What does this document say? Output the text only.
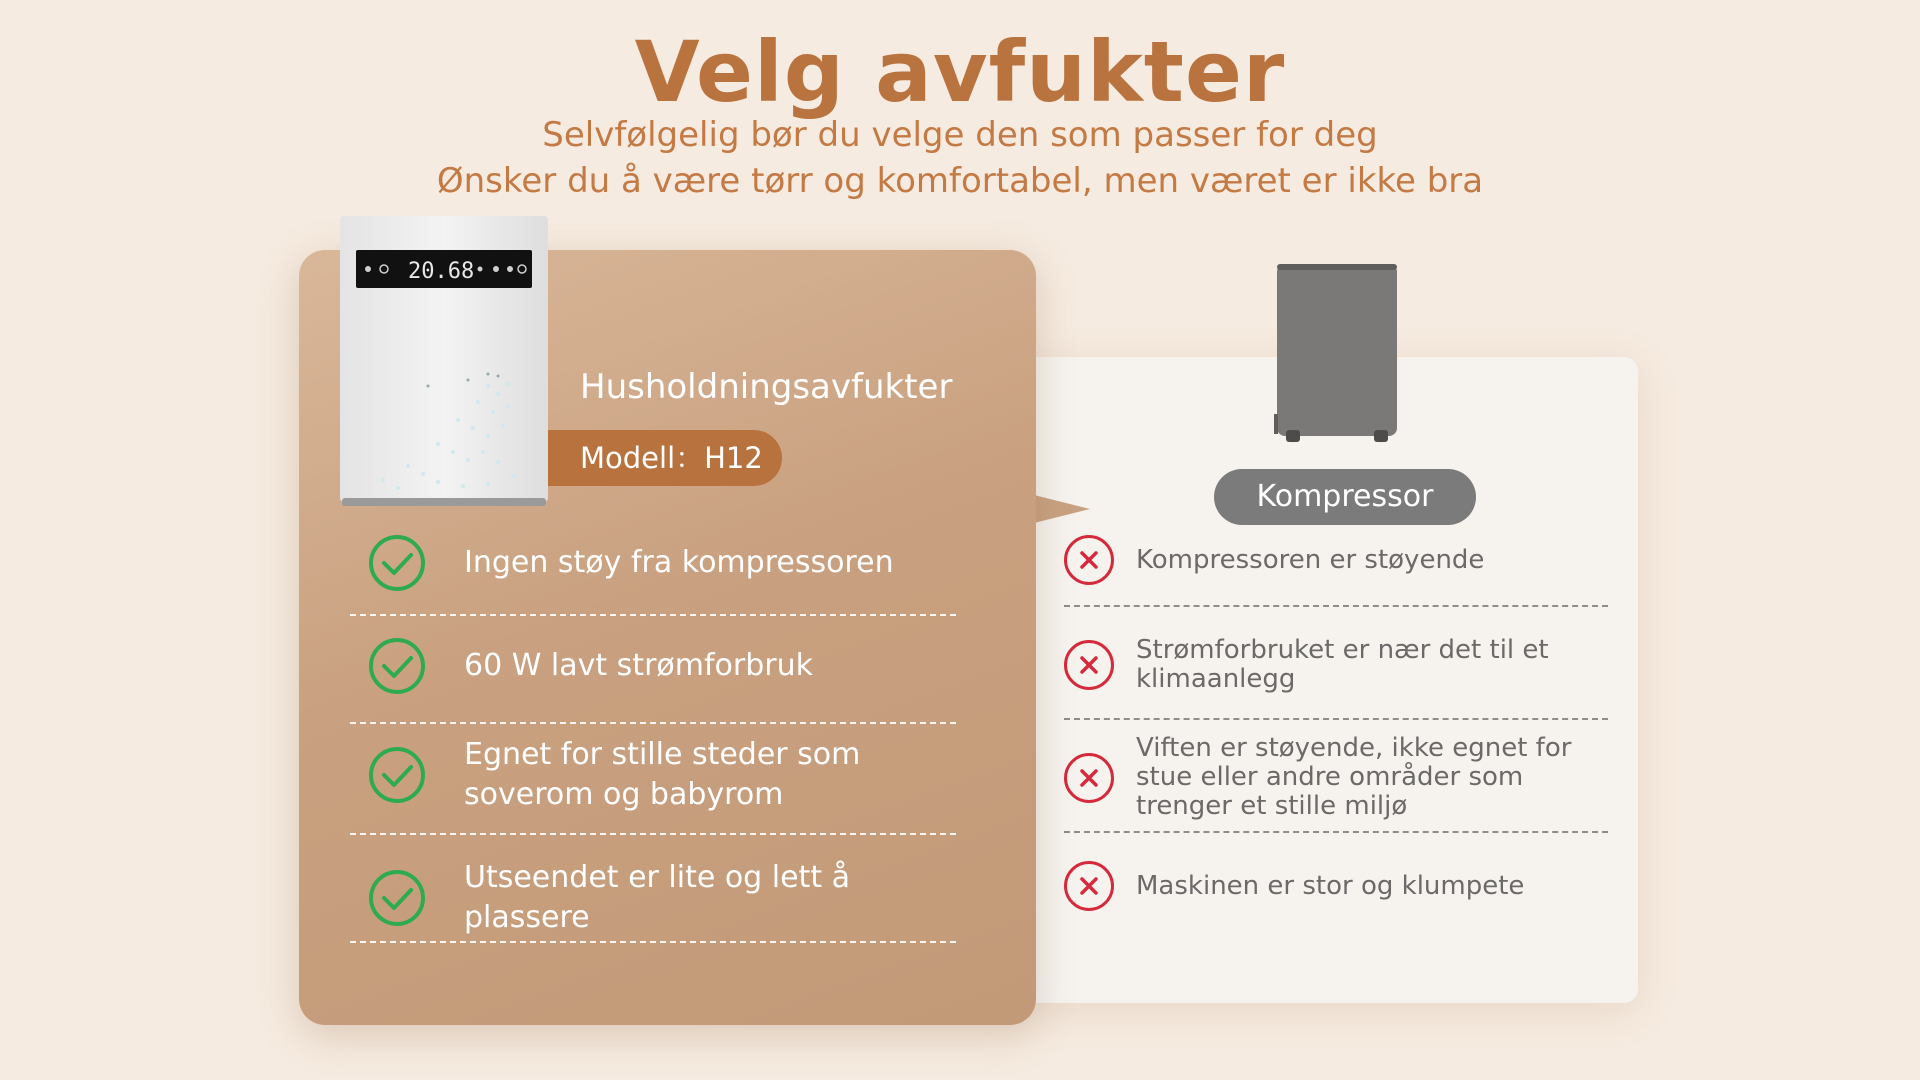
Velg avfukter
Selvfølgelig bør du velge den som passer for deg
Ønsker du å være tørr og komfortabel, men været er ikke bra
Kompressor
Kompressoren er støyende
Strømforbruket er nær det til et klimaanlegg
Viften er støyende, ikke egnet for stue eller andre områder som trenger et stille miljø
Maskinen er stor og klumpete
20.68
Husholdningsavfukter
Modell：H12
Ingen støy fra kompressoren
60 W lavt strømforbruk
Egnet for stille steder som soverom og babyrom
Utseendet er lite og lett å plassere
